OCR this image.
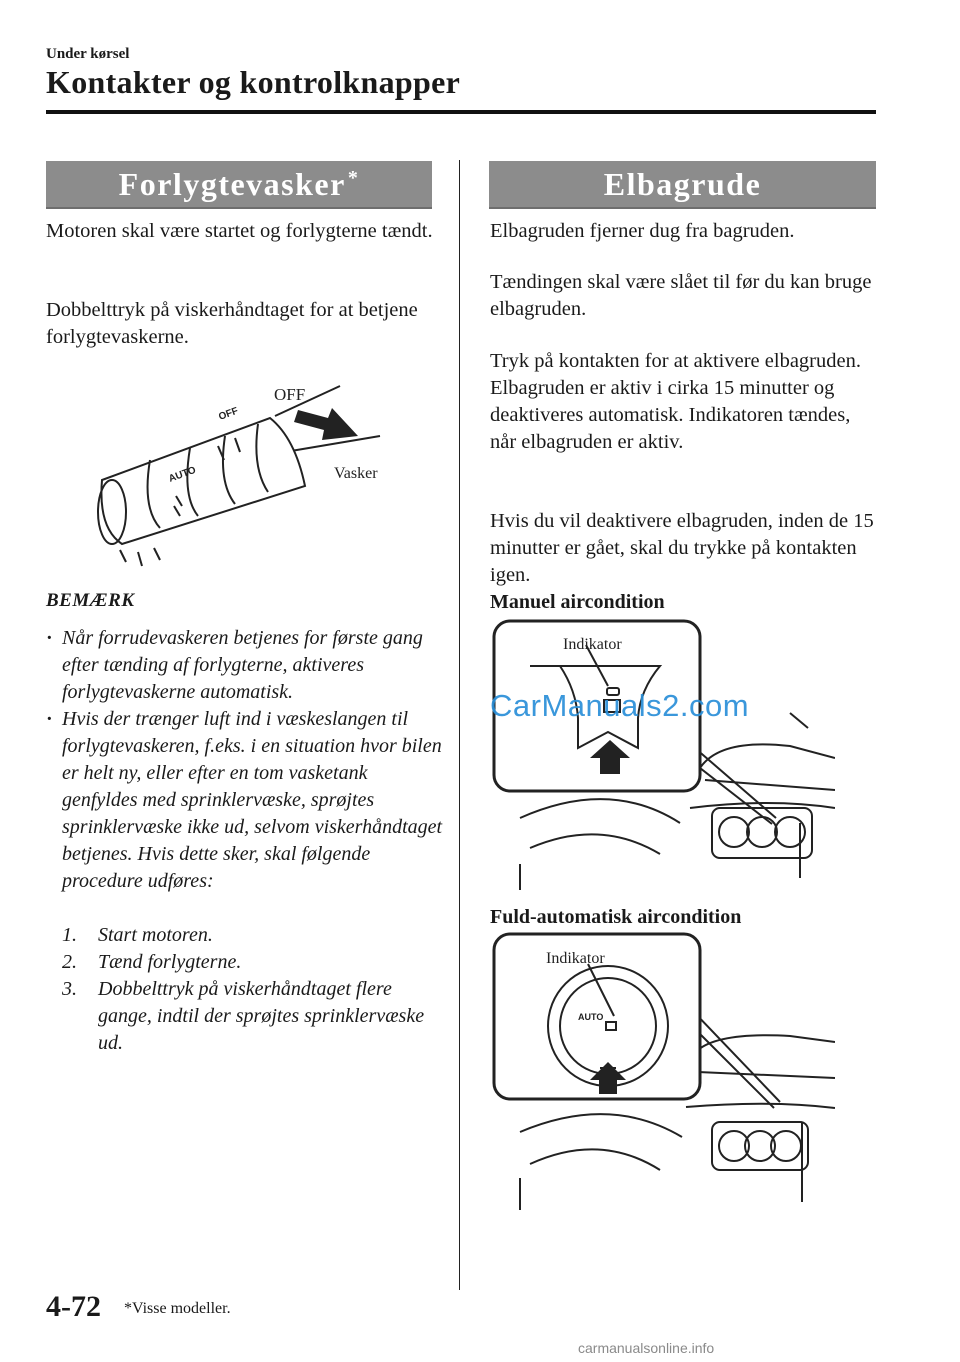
Under kørsel
Kontakter og kontrolknapper
Forlygtevasker*

Motoren skal være startet og forlygterne tændt.

Dobbelttryk på viskerhåndtaget for at betjene forlygtevaskerne.

OFF
AUTO
OFF
Vasker
BEMÆRK

· Når forrudevaskeren betjenes for første gang efter tænding af forlygterne, aktiveres forlygtevaskerne automatisk.

· Hvis der trænger luft ind i væskeslangen til forlygtevaskeren, f.eks. i en situation hvor bilen er helt ny, eller efter en tom vasketank genfyldes med sprinklervæske, sprøjtes sprinklervæske ikke ud, selvom viskerhåndtaget betjenes. Hvis dette sker, skal følgende procedure udføres:

1.	Start motoren.

2.	Tænd forlygterne.

3.	Dobbelttryk på viskerhåndtaget flere gange, indtil der sprøjtes sprinklervæske ud.

Elbagrude

Elbagruden fjerner dug fra bagruden.

Tændingen skal være slået til før du kan bruge elbagruden.

Tryk på kontakten for at aktivere elbagruden. Elbagruden er aktiv i cirka 15 minutter og deaktiveres automatisk. Indikatoren tændes, når elbagruden er aktiv.

Hvis du vil deaktivere elbagruden, inden de 15 minutter er gået, skal du trykke på kontakten igen.

Manuel aircondition
Indikator
CarManuals2.com
Fuld-automatisk aircondition
AUTO
Indikator
4-72 *Visse modeller.
carmanualsonline.info
